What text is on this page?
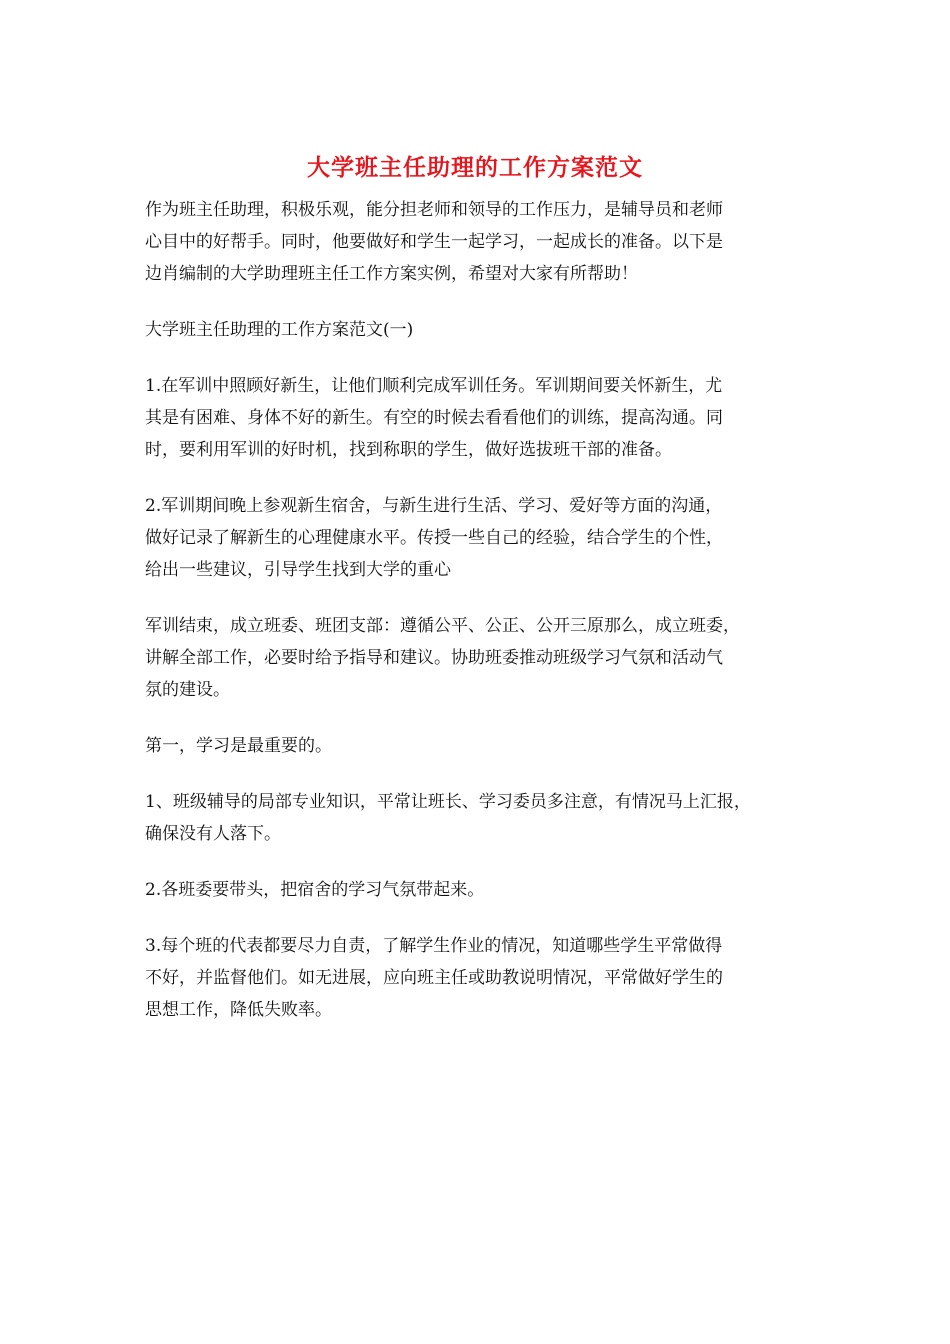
大学班主任助理的工作方案范文
作为班主任助理，积极乐观，能分担老师和领导的工作压力，是辅导员和老师
心目中的好帮手。同时，他要做好和学生一起学习，一起成长的准备。以下是
边肖编制的大学助理班主任工作方案实例，希望对大家有所帮助！
大学班主任助理的工作方案范文(一)
1.在军训中照顾好新生，让他们顺利完成军训任务。军训期间要关怀新生，尤
其是有困难、身体不好的新生。有空的时候去看看他们的训练，提高沟通。同
时，要利用军训的好时机，找到称职的学生，做好选拔班干部的准备。
2.军训期间晚上参观新生宿舍，与新生进行生活、学习、爱好等方面的沟通，
做好记录了解新生的心理健康水平。传授一些自己的经验，结合学生的个性，
给出一些建议，引导学生找到大学的重心
军训结束，成立班委、班团支部：遵循公平、公正、公开三原那么，成立班委，
讲解全部工作，必要时给予指导和建议。协助班委推动班级学习气氛和活动气
氛的建设。
第一，学习是最重要的。
1、班级辅导的局部专业知识，平常让班长、学习委员多注意，有情况马上汇报，
确保没有人落下。
2.各班委要带头，把宿舍的学习气氛带起来。
3.每个班的代表都要尽力自责，了解学生作业的情况，知道哪些学生平常做得
不好，并监督他们。如无进展，应向班主任或助教说明情况，平常做好学生的
思想工作，降低失败率。
